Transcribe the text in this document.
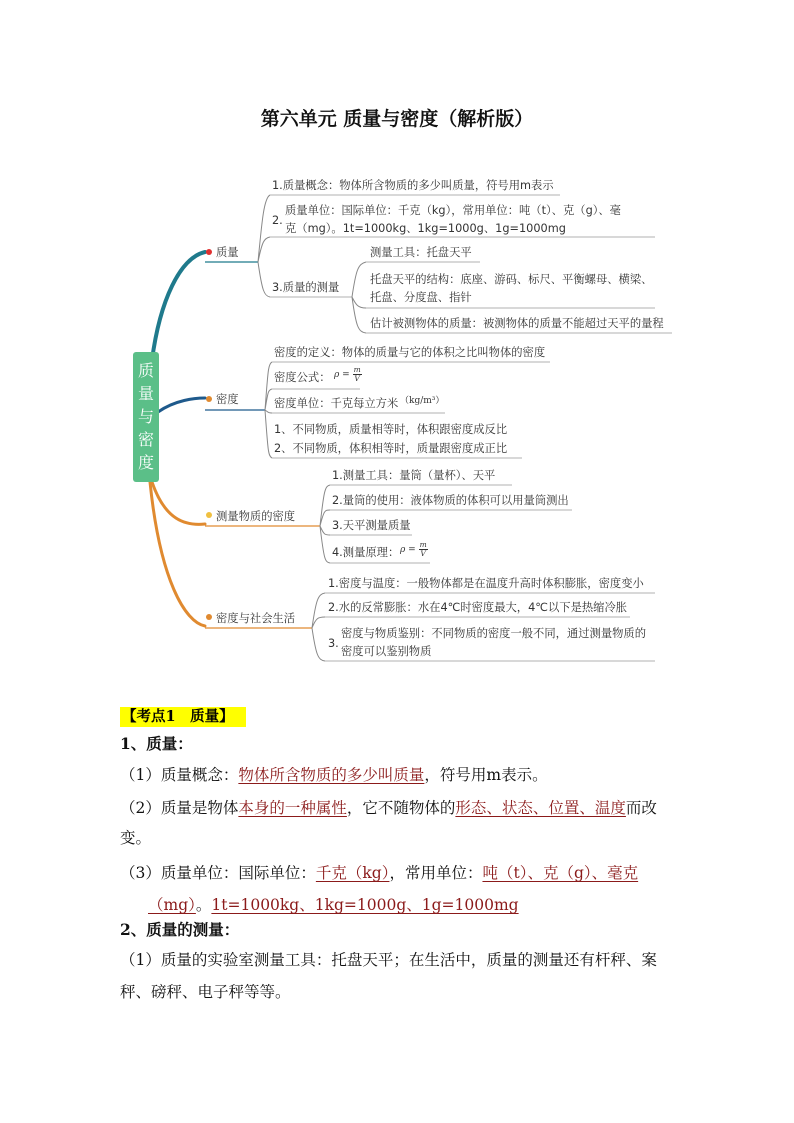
第六单元 质量与密度（解析版）
质
量
与
密
度
质量
1.质量概念：物体所含物质的多少叫质量，符号用m表示
2.
质量单位：国际单位：千克（kg），常用单位：吨（t）、克（g）、毫
克（mg）。1t=1000kg、1kg=1000g、1g=1000mg
3.质量的测量
测量工具：托盘天平
托盘天平的结构：底座、游码、标尺、平衡螺母、横梁、
托盘、分度盘、指针
估计被测物体的质量：被测物体的质量不能超过天平的量程
密度
密度的定义：物体的质量与它的体积之比叫物体的密度
密度公式： $\rho = \frac{m}{V}$
密度单位：千克每立方米 （kg/m³）
1、不同物质，质量相等时，体积跟密度成反比
2、不同物质，体积相等时，质量跟密度成正比
测量物质的密度
1.测量工具：量筒（量杯）、天平
2.量筒的使用：液体物质的体积可以用量筒测出
3.天平测量质量
4.测量原理： $\rho = \frac{m}{V}$
密度与社会生活
1.密度与温度：一般物体都是在温度升高时体积膨胀，密度变小
2.水的反常膨胀：水在4℃时密度最大，4℃以下是热缩冷胀
3.
密度与物质鉴别：不同物质的密度一般不同，通过测量物质的
密度可以鉴别物质
【考点1　质量】
1、质量：
（1）质量概念：物体所含物质的多少叫质量，符号用m表示。
（2）质量是物体本身的一种属性，它不随物体的形态、状态、位置、温度而改
变。
（3）质量单位：国际单位：千克（kg），常用单位：吨（t）、克（g）、毫克
（mg）。1t=1000kg、1kg=1000g、1g=1000mg
2、质量的测量：
（1）质量的实验室测量工具：托盘天平；在生活中，质量的测量还有杆秤、案
秤、磅秤、电子秤等等。
